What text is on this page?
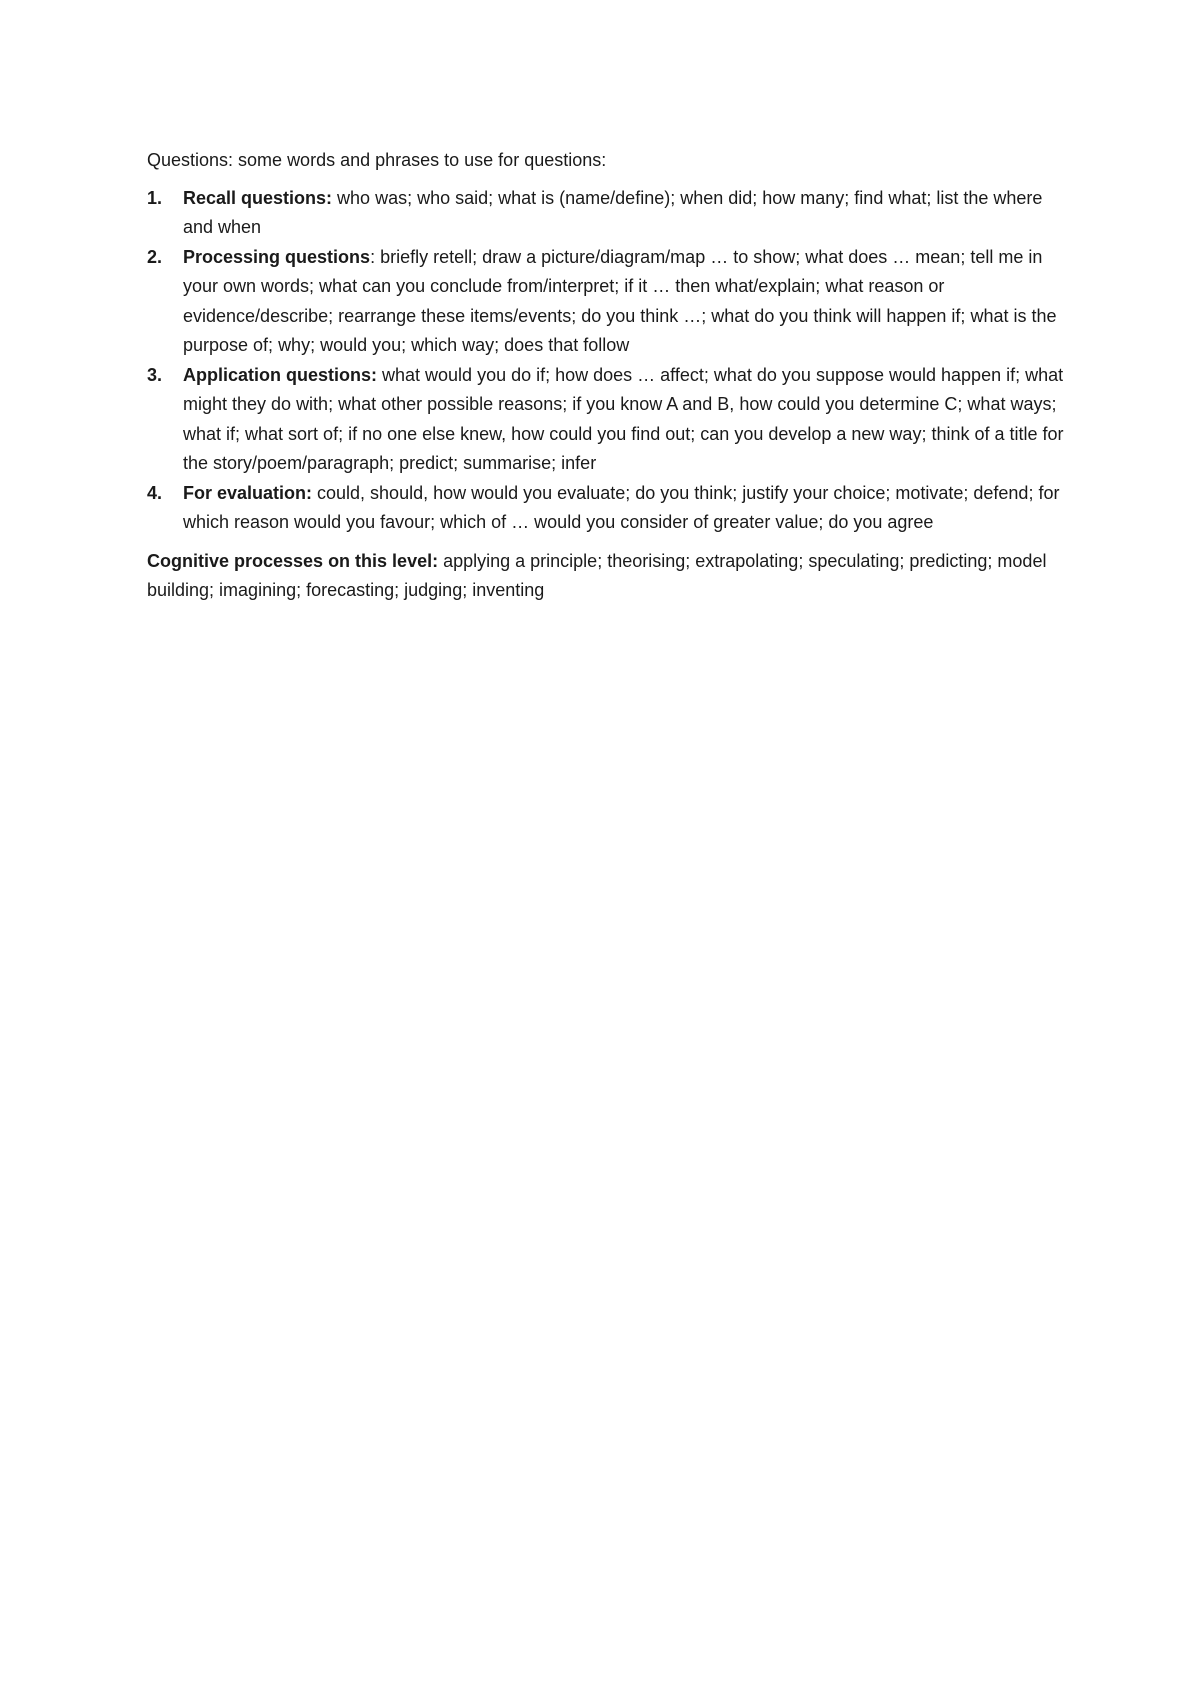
Questions: some words and phrases to use for questions:

1. Recall questions: who was; who said; what is (name/define); when did; how many; find what; list the where and when
2. Processing questions: briefly retell; draw a picture/diagram/map … to show; what does … mean; tell me in your own words; what can you conclude from/interpret; if it … then what/explain; what reason or evidence/describe; rearrange these items/events; do you think …; what do you think will happen if; what is the purpose of; why; would you; which way; does that follow
3. Application questions: what would you do if; how does … affect; what do you suppose would happen if; what might they do with; what other possible reasons; if you know A and B, how could you determine C; what ways; what if; what sort of; if no one else knew, how could you find out; can you develop a new way; think of a title for the story/poem/paragraph; predict; summarise; infer
4. For evaluation: could, should, how would you evaluate; do you think; justify your choice; motivate; defend; for which reason would you favour; which of … would you consider of greater value; do you agree

Cognitive processes on this level: applying a principle; theorising; extrapolating; speculating; predicting; model building; imagining; forecasting; judging; inventing
